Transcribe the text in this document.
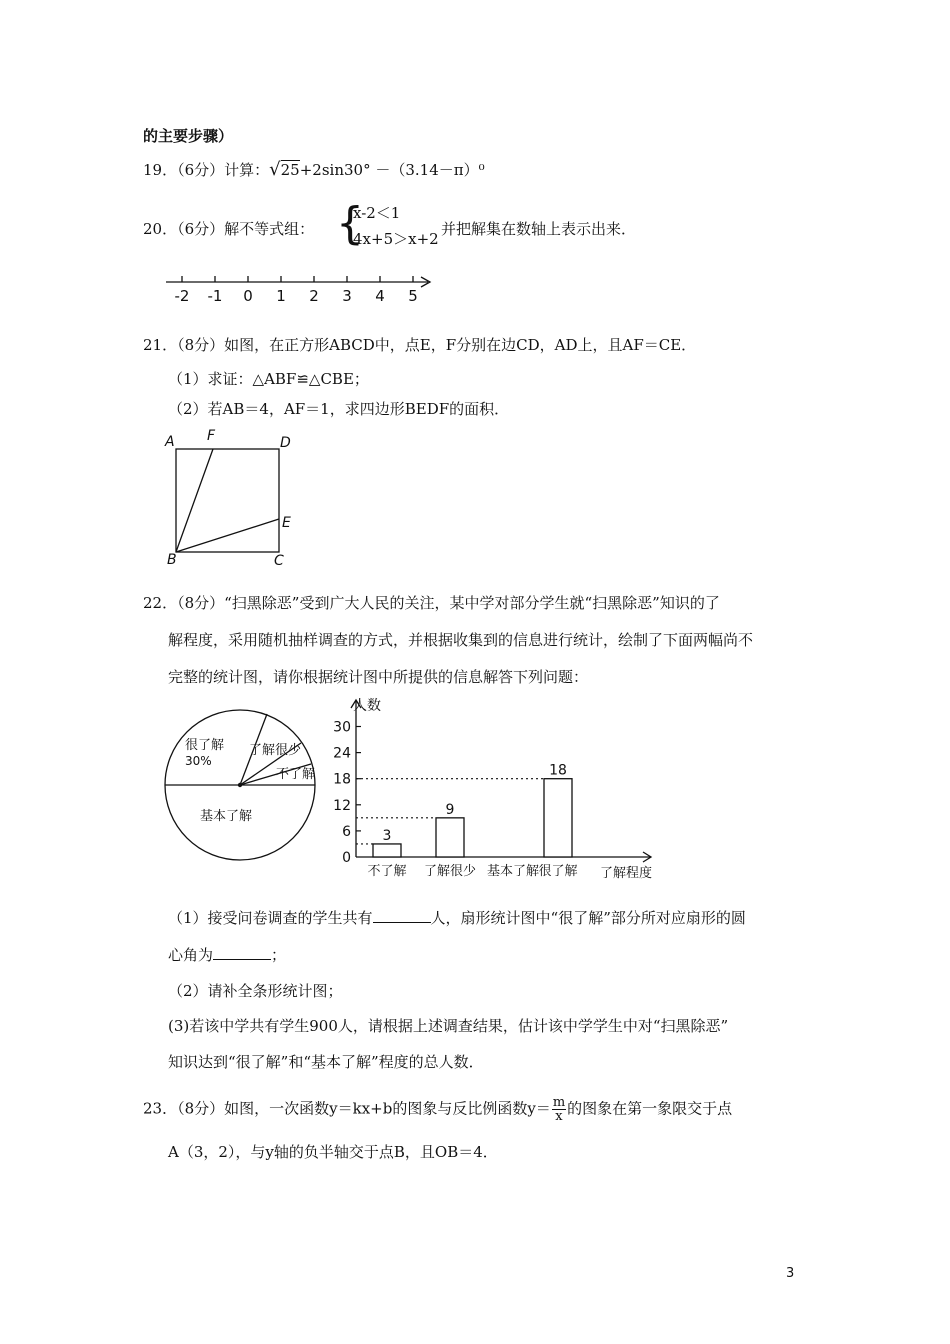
的主要步骤）
19．（6分）计算：√25+2sin30° －（3.14－π）⁰
20．（6分）解不等式组： {
x-2＜1
4x+5＞x+2
并把解集在数轴上表示出来．
-2 -1 0 1 2 3 4 5
21．（8分）如图，在正方形ABCD中，点E，F分别在边CD，AD上，且AF＝CE．
（1）求证：△ABF≌△CBE；
（2）若AB＝4，AF＝1，求四边形BEDF的面积．
A F	D
E
B	C
22．（8分）“扫黑除恶”受到广大人民的关注，某中学对部分学生就“扫黑除恶”知识的了
解程度，采用随机抽样调查的方式，并根据收集到的信息进行统计，绘制了下面两幅尚不
完整的统计图，请你根据统计图中所提供的信息解答下列问题：
很了解
30%
了解很少
不了解
基本了解
0
6
12
18
24
30
不了解
3
了解很少
9
基本了解 很了解
18
人数
了解程度
（1）接受问卷调查的学生共有	人，扇形统计图中“很了解”部分所对应扇形的圆
心角为	；
（2）请补全条形统计图；
(3)若该中学共有学生900人，请根据上述调查结果，估计该中学学生中对“扫黑除恶”
知识达到“很了解”和“基本了解”程度的总人数．
23．（8分）如图，一次函数y＝kx+b的图象与反比例函数$y= \frac{m}{x}$ 的图象在第一象限交于点
A（3，2），与y轴的负半轴交于点B，且OB＝4．
3
